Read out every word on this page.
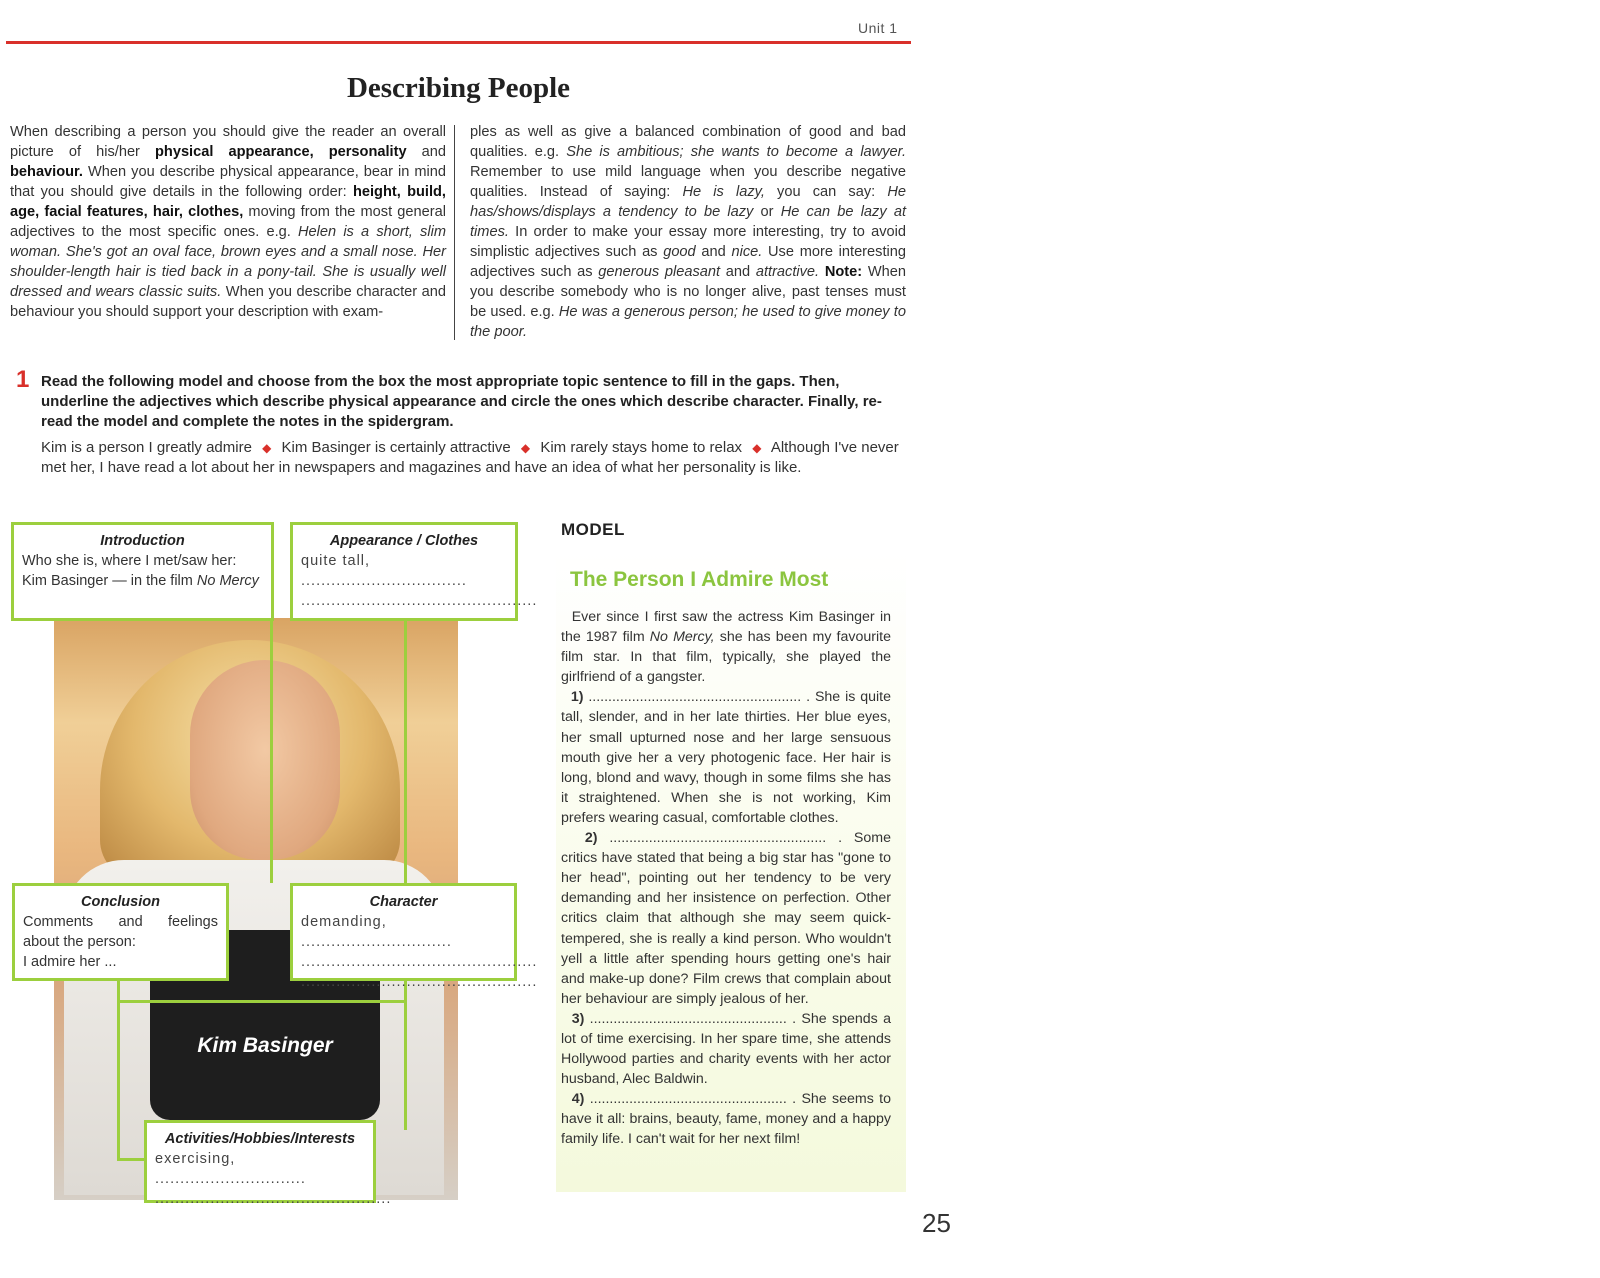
Unit 1
Describing People
When describing a person you should give the reader an overall picture of his/her physical appearance, personality and behaviour. When you describe physical appearance, bear in mind that you should give details in the following order: height, build, age, facial features, hair, clothes, moving from the most general adjectives to the most specific ones. e.g. Helen is a short, slim woman. She's got an oval face, brown eyes and a small nose. Her shoulder-length hair is tied back in a pony-tail. She is usually well dressed and wears classic suits. When you describe character and behaviour you should support your description with exam-
ples as well as give a balanced combination of good and bad qualities. e.g. She is ambitious; she wants to become a lawyer. Remember to use mild language when you describe negative qualities. Instead of saying: He is lazy, you can say: He has/shows/displays a tendency to be lazy or He can be lazy at times. In order to make your essay more interesting, try to avoid simplistic adjectives such as good and nice. Use more interesting adjectives such as generous pleasant and attractive. Note: When you describe somebody who is no longer alive, past tenses must be used. e.g. He was a generous person; he used to give money to the poor.
1 Read the following model and choose from the box the most appropriate topic sentence to fill in the gaps. Then, underline the adjectives which describe physical appearance and circle the ones which describe character. Finally, re-read the model and complete the notes in the spidergram.
Kim is a person I greatly admire ◆ Kim Basinger is certainly attractive ◆ Kim rarely stays home to relax ◆ Although I've never met her, I have read a lot about her in newspapers and magazines and have an idea of what her personality is like.
Kim Basinger
Introduction
Who she is, where I met/saw her:
Kim Basinger — in the film No Mercy
Appearance / Clothes
quite tall, .................................
...............................................
Conclusion
Comments and feelings
about the person:
I admire her ...
Character
demanding, ..............................
...............................................
...............................................
Activities/Hobbies/Interests
exercising, ..............................
...............................................
MODEL
The Person I Admire Most

Ever since I first saw the actress Kim Basinger in the 1987 film No Mercy, she has been my favourite film star. In that film, typically, she played the girlfriend of a gangster.

1) ...................................................... . She is quite tall, slender, and in her late thirties. Her blue eyes, her small upturned nose and her large sensuous mouth give her a very photogenic face. Her hair is long, blond and wavy, though in some films she has it straightened. When she is not working, Kim prefers wearing casual, comfortable clothes.

2) ....................................................... . Some critics have stated that being a big star has "gone to her head", pointing out her tendency to be very demanding and her insistence on perfection. Other critics claim that although she may seem quick-tempered, she is really a kind person. Who wouldn't yell a little after spending hours getting one's hair and make-up done? Film crews that complain about her behaviour are simply jealous of her.

3) .................................................. . She spends a lot of time exercising. In her spare time, she attends Hollywood parties and charity events with her actor husband, Alec Baldwin.

4) .................................................. . She seems to have it all: brains, beauty, fame, money and a happy family life. I can't wait for her next film!

25
